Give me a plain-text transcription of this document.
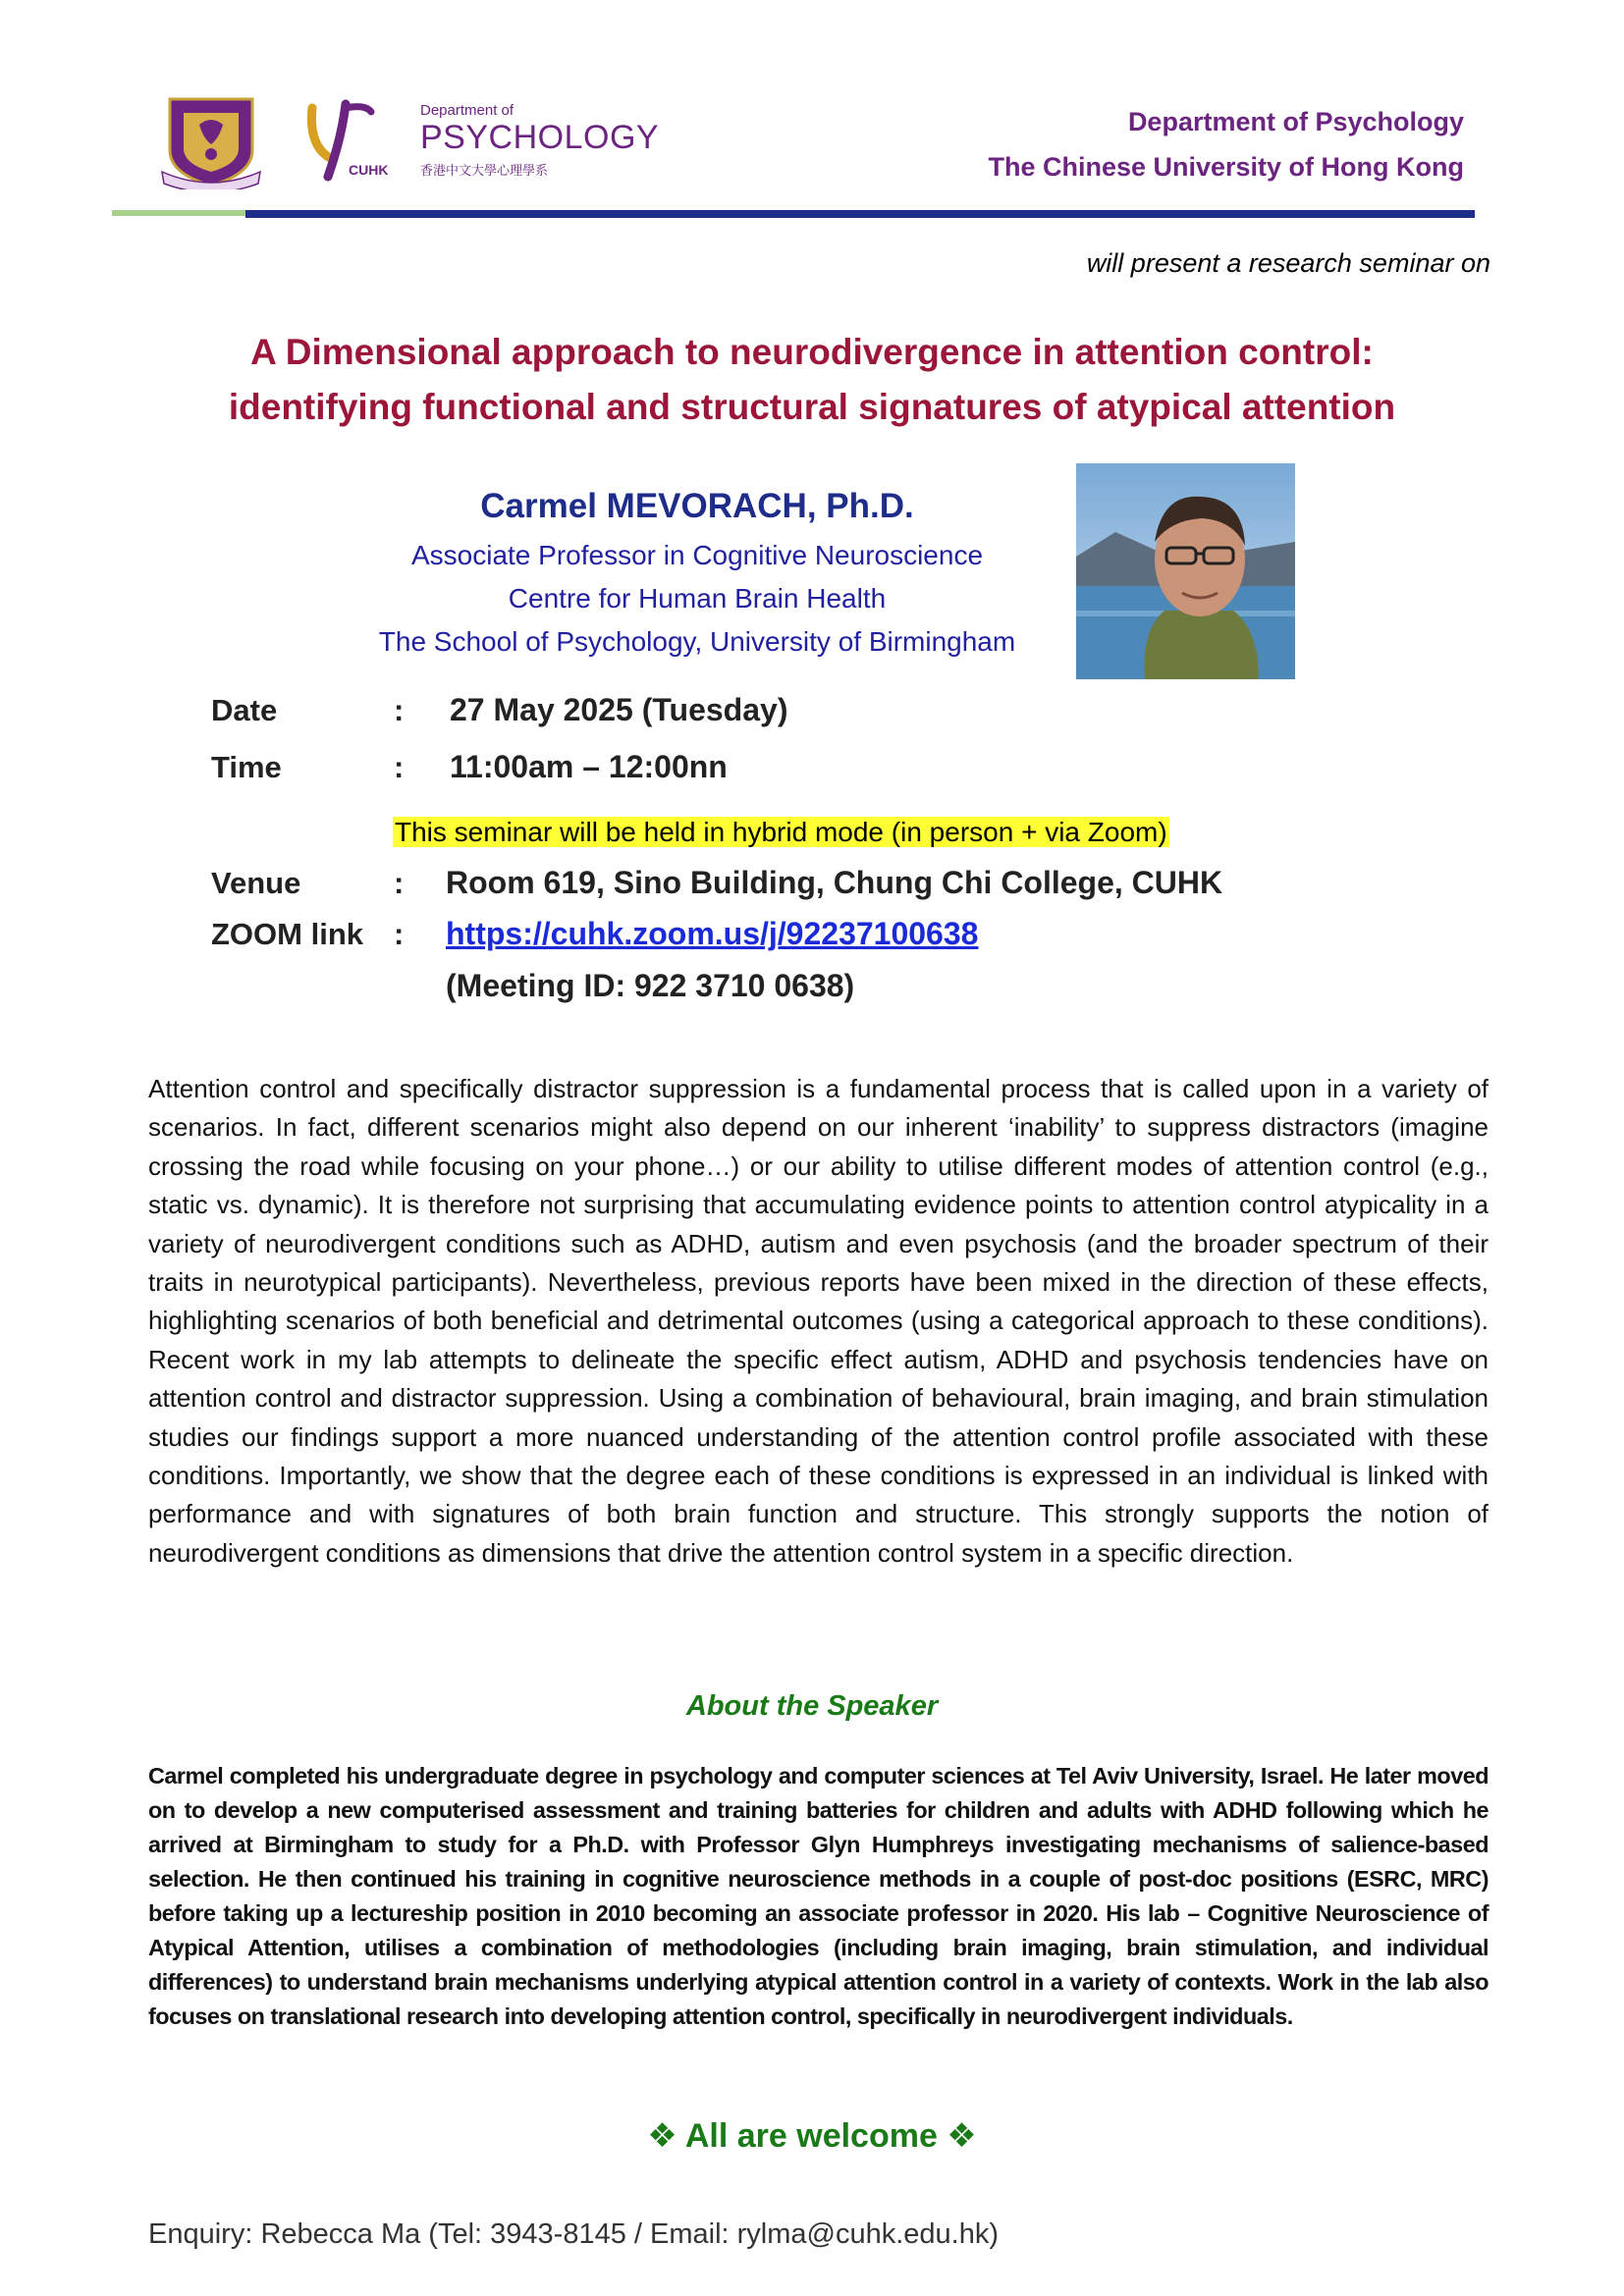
CUHK
Department of
PSYCHOLOGY
香港中文大學心理學系
Department of Psychology
The Chinese University of Hong Kong
will present a research seminar on
A Dimensional approach to neurodivergence in attention control:
identifying functional and structural signatures of atypical attention
Carmel MEVORACH, Ph.D.
Associate Professor in Cognitive Neuroscience
Centre for Human Brain Health
The School of Psychology, University of Birmingham
Date	: 27 May 2025 (Tuesday)
Time	: 11:00am – 12:00nn
This seminar will be held in hybrid mode (in person + via Zoom)
Venue	: Room 619, Sino Building, Chung Chi College, CUHK
ZOOM link : https://cuhk.zoom.us/j/92237100638
(Meeting ID: 922 3710 0638)
Attention control and specifically distractor suppression is a fundamental process that is called upon in a variety of scenarios. In fact, different scenarios might also depend on our inherent ‘inability’ to suppress distractors (imagine crossing the road while focusing on your phone…) or our ability to utilise different modes of attention control (e.g., static vs. dynamic). It is therefore not surprising that accumulating evidence points to attention control atypicality in a variety of neurodivergent conditions such as ADHD, autism and even psychosis (and the broader spectrum of their traits in neurotypical participants). Nevertheless, previous reports have been mixed in the direction of these effects, highlighting scenarios of both beneficial and detrimental outcomes (using a categorical approach to these conditions). Recent work in my lab attempts to delineate the specific effect autism, ADHD and psychosis tendencies have on attention control and distractor suppression. Using a combination of behavioural, brain imaging, and brain stimulation studies our findings support a more nuanced understanding of the attention control profile associated with these conditions. Importantly, we show that the degree each of these conditions is expressed in an individual is linked with performance and with signatures of both brain function and structure. This strongly supports the notion of neurodivergent conditions as dimensions that drive the attention control system in a specific direction.
About the Speaker
Carmel completed his undergraduate degree in psychology and computer sciences at Tel Aviv University, Israel. He later moved on to develop a new computerised assessment and training batteries for children and adults with ADHD following which he arrived at Birmingham to study for a Ph.D. with Professor Glyn Humphreys investigating mechanisms of salience-based selection. He then continued his training in cognitive neuroscience methods in a couple of post-doc positions (ESRC, MRC) before taking up a lectureship position in 2010 becoming an associate professor in 2020. His lab – Cognitive Neuroscience of Atypical Attention, utilises a combination of methodologies (including brain imaging, brain stimulation, and individual differences) to understand brain mechanisms underlying atypical attention control in a variety of contexts. Work in the lab also focuses on translational research into developing attention control, specifically in neurodivergent individuals.
❖ All are welcome ❖
Enquiry: Rebecca Ma (Tel: 3943-8145 / Email: rylma@cuhk.edu.hk)
